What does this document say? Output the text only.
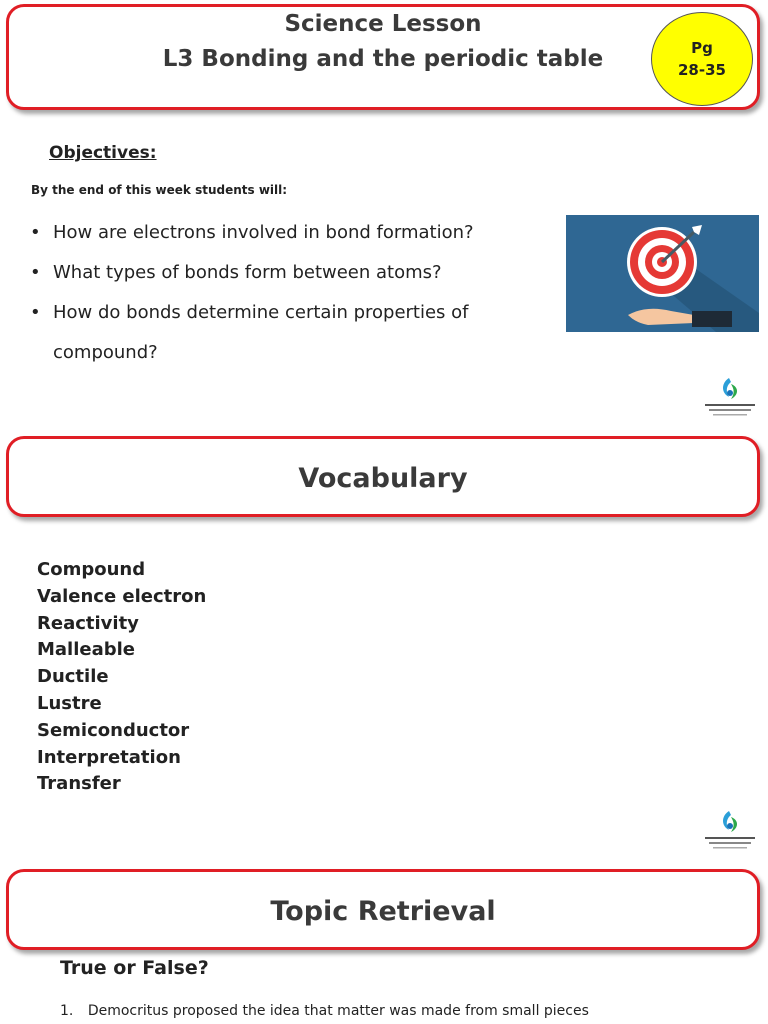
Science Lesson
L3 Bonding and the periodic table	Pg
28-35
Objectives:
By the end of this week students will:
• How are electrons involved in bond formation?
• What types of bonds form between atoms?
• How do bonds determine certain properties of compound?
Vocabulary
Compound
Valence electron
Reactivity
Malleable
Ductile
Lustre
Semiconductor
Interpretation
Transfer
Topic Retrieval
True or False?
1. Democritus proposed the idea that matter was made from small pieces
